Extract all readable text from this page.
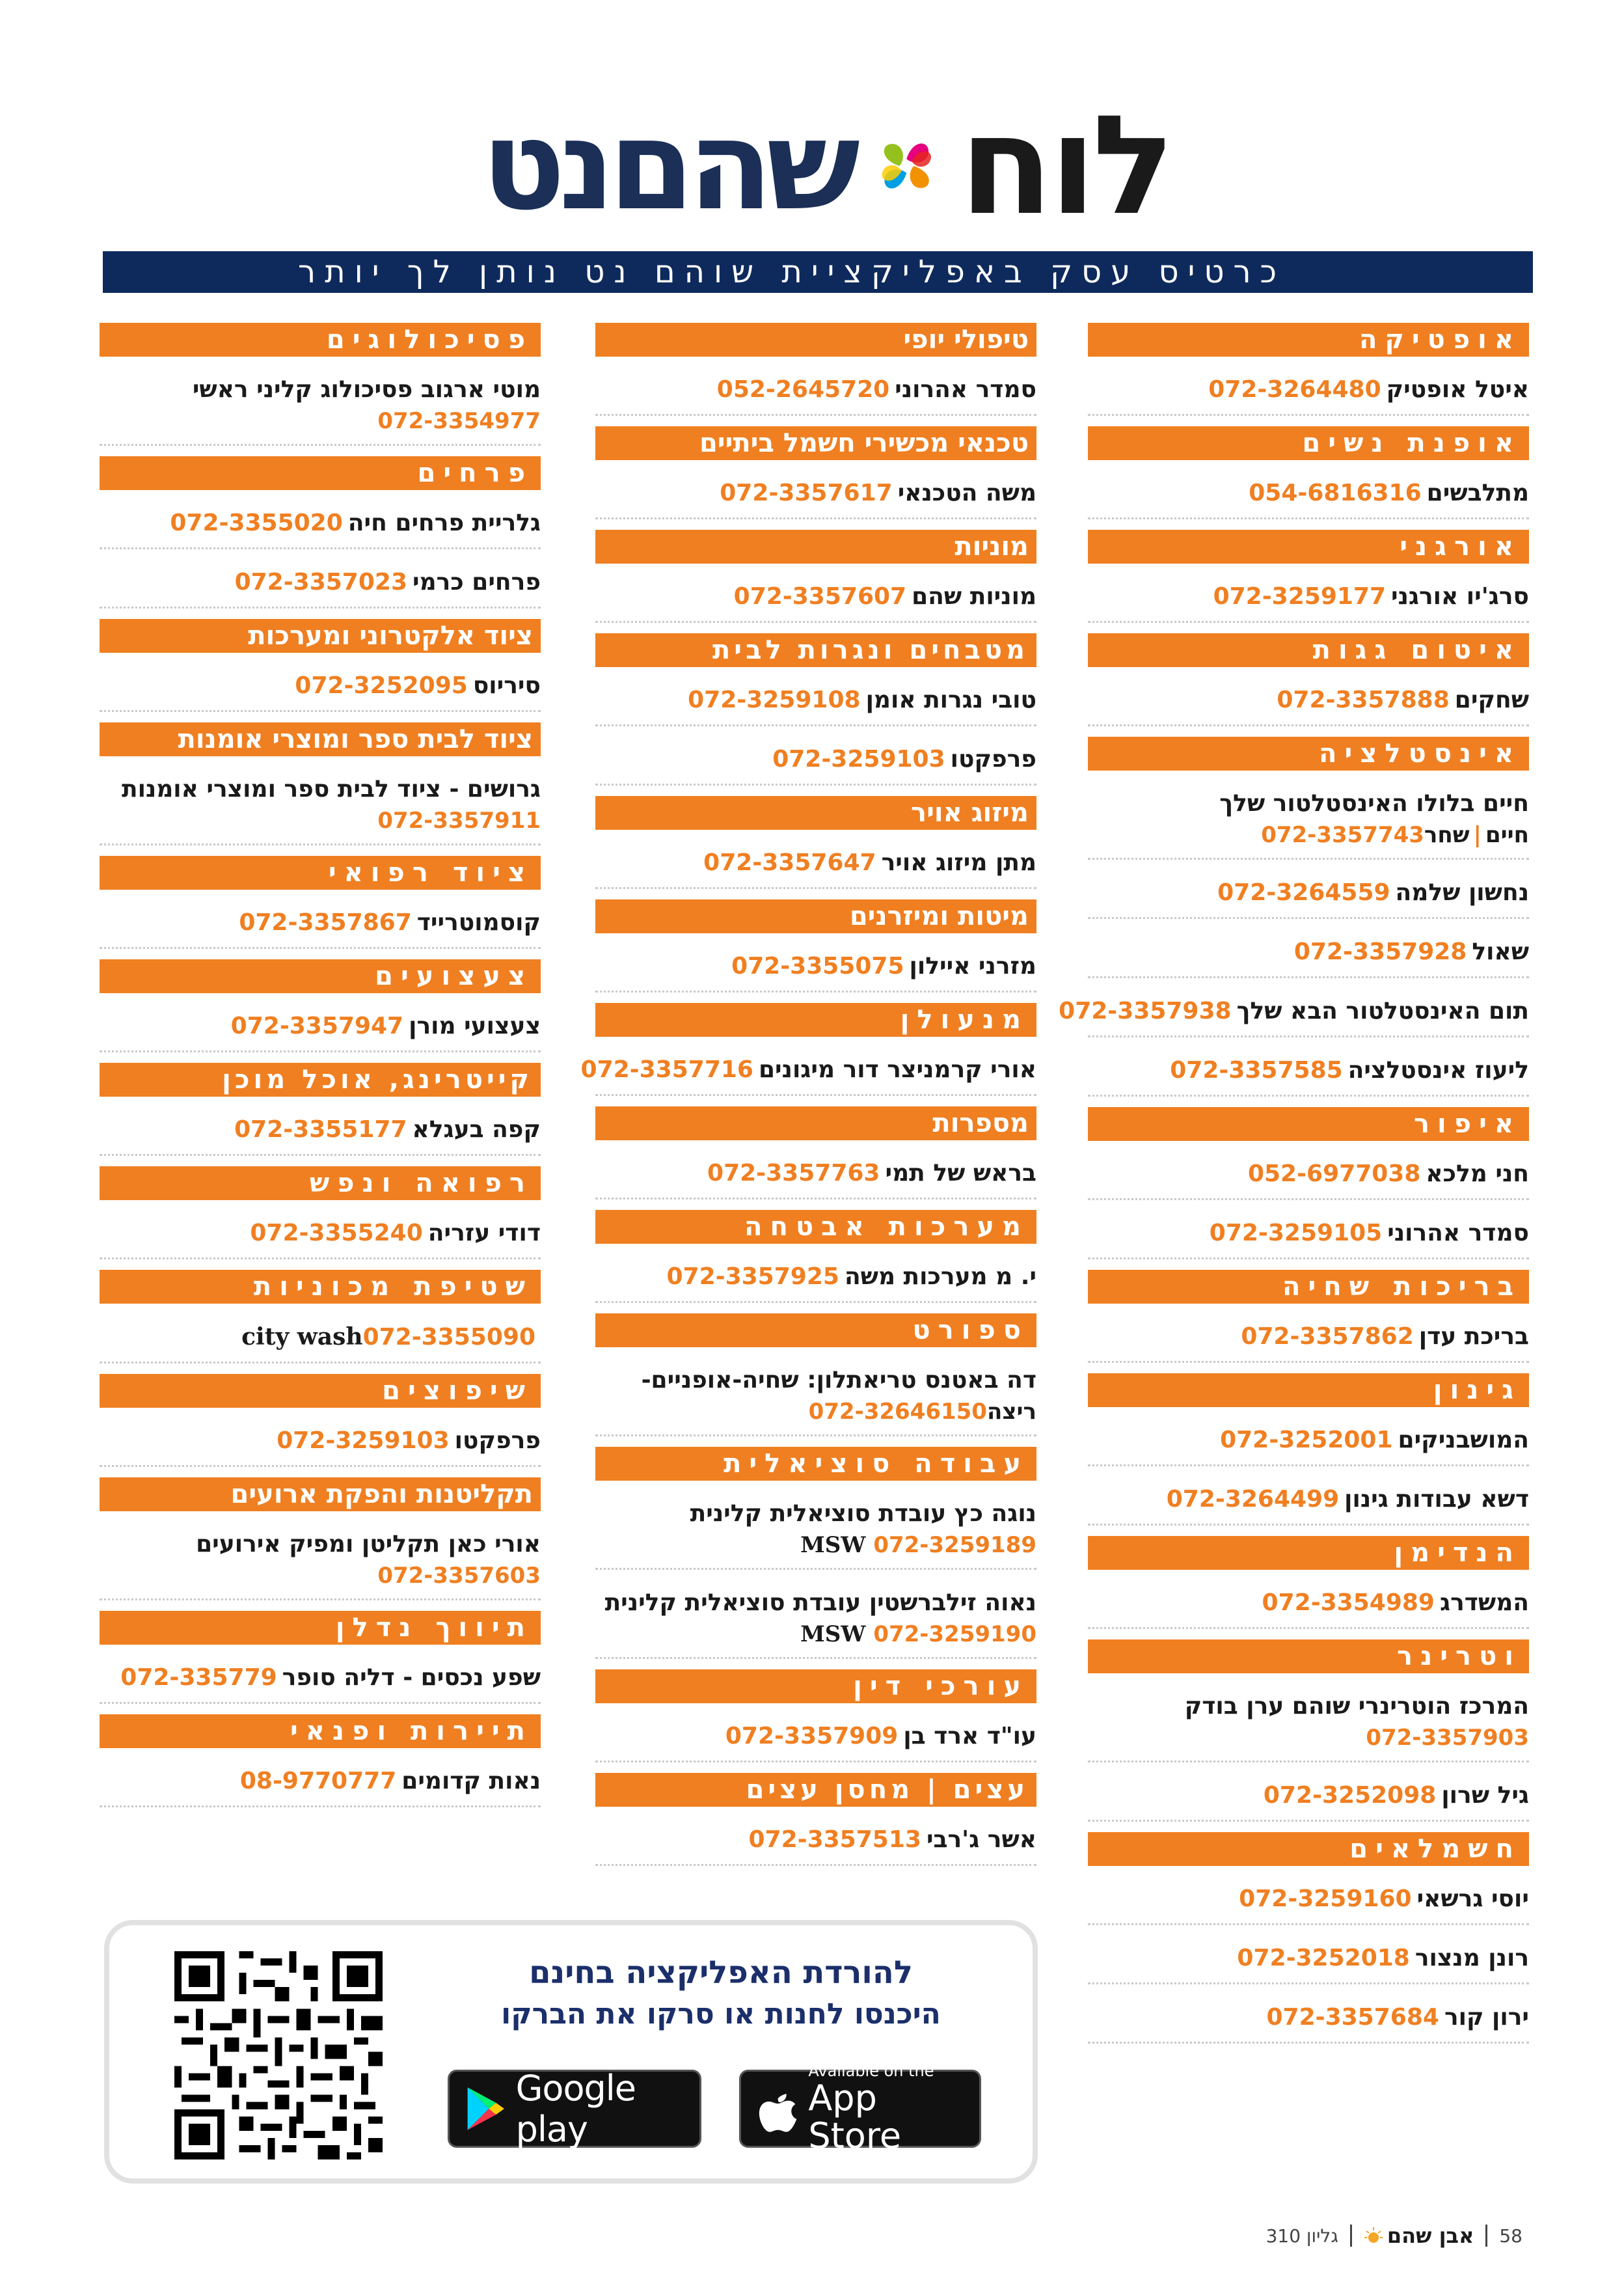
שהםנט לוח
כרטיס עסק באפליקציית שוהם נט נותן לך יותר
אופטיקה
איטל אופטיק072-3264480
אופנת נשים
מתלבשים054-6816316
אורגני
סרג'יו אורגני072-3259177
איטום גגות
שחקים072-3357888
אינסטלציה
חיים בלולו האינסטלטור שלך
חיים|שחר072-3357743
נחשון שלמה072-3264559
שאול072-3357928
תום האינסטלטור הבא שלך072-3357938
ליעוז אינסטלציה072-3357585
איפור
חני מלכא052-6977038
סמדר אהרוני072-3259105
בריכות שחיה
בריכת עדן072-3357862
גינון
המושבניקים072-3252001
דשא עבודות גינון072-3264499
הנדימן
המשדרג072-3354989
וטרינר
המרכז הוטרינרי שוהם ערן בודק
072-3357903
גיל שרון072-3252098
חשמלאים
יוסי גרשאי072-3259160
רונן מנצור072-3252018
ירון קור072-3357684
טיפולי יופי
סמדר אהרוני052-2645720
טכנאי מכשירי חשמל ביתיים
משה הטכנאי072-3357617
מוניות
מוניות שהם072-3357607
מטבחים ונגרות לבית
טובי נגרות אומן072-3259108
פרפקטו072-3259103
מיזוג אויר
מתן מיזוג אויר072-3357647
מיטות ומיזרנים
מזרני איילון072-3355075
מנעולן
אורי קרמניצר דור מיגונים072-3357716
מספרות
בראש של תמי072-3357763
מערכות אבטחה
י. מ מערכות משה072-3357925
ספורט
דה באטנס טריאתלון: שחיה-אופניים-
ריצה072-32646150
עבודה סוציאלית
נוגה כץ עובדת סוציאלית קלינית
MSW 072-3259189
נאוה זילברשטין עובדת סוציאלית קלינית
MSW 072-3259190
עורכי דין
עו"ד ארד בן072-3357909
עצים | מחסן עצים
אשר ג'רבי072-3357513
פסיכולוגים
מוטי ארגוב פסיכולוג קליני ראשי
072-3354977
פרחים
גלריית פרחים חיה072-3355020
פרחים כרמי072-3357023
ציוד אלקטרוני ומערכות
סיריוס072-3252095
ציוד לבית ספר ומוצרי אומנות
גרושים - ציוד לבית ספר ומוצרי אומנות
072-3357911
ציוד רפואי
קוסמוטרייד072-3357867
צעצועים
צעצועי מורן072-3357947
קייטרינג, אוכל מוכן
קפה בעגלא072-3355177
רפואה ונפש
דודי עזריה072-3355240
שטיפת מכוניות
city wash072-3355090
שיפוצים
פרפקטו072-3259103
תקליטנות והפקת ארועים
אורי כאן תקליטן ומפיק אירועים
072-3357603
תיווך נדלן
שפע נכסים - דליה סופר072-335779
תיירות ופנאי
נאות קדומים08-9770777
להורדת האפליקציה בחינם
היכנסו לחנות או סרקו את הברקו
Google play
Available on the
App Store
גליון 310 אבן שהם 58
